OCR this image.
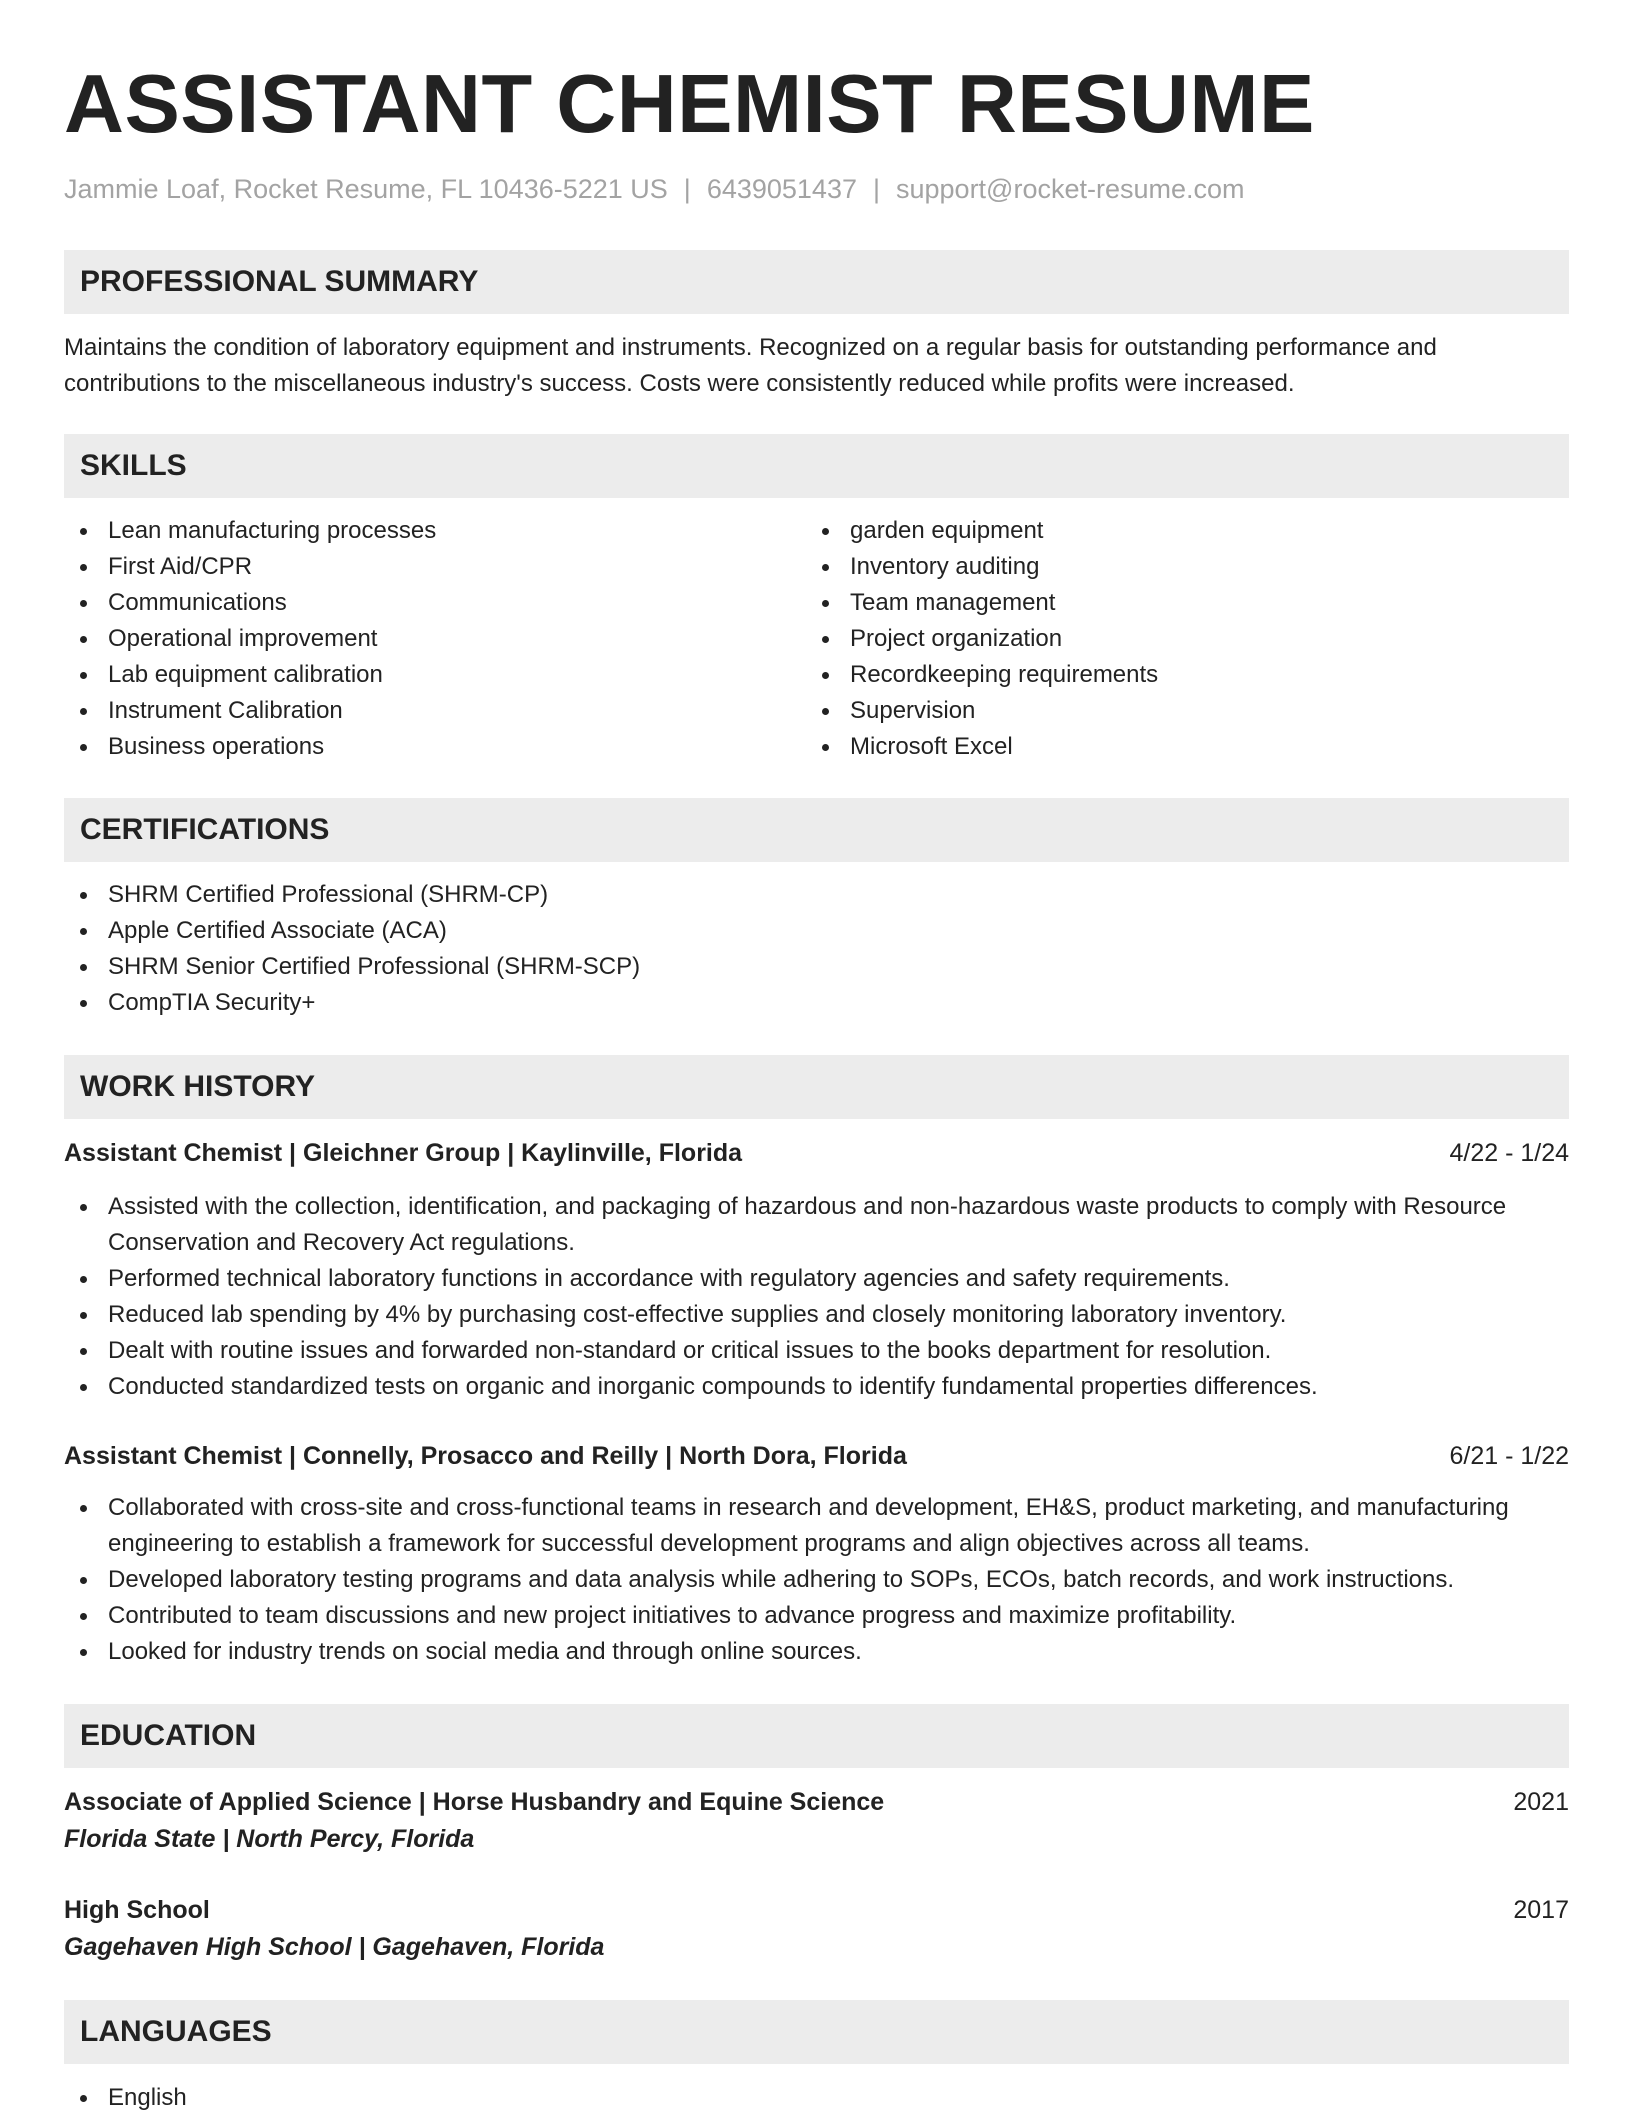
ASSISTANT CHEMIST RESUME
Jammie Loaf, Rocket Resume, FL 10436-5221 US | 6439051437 | support@rocket-resume.com
PROFESSIONAL SUMMARY

Maintains the condition of laboratory equipment and instruments. Recognized on a regular basis for outstanding performance and contributions to the miscellaneous industry's success. Costs were consistently reduced while profits were increased.

SKILLS
Lean manufacturing processes
First Aid/CPR
Communications
Operational improvement
Lab equipment calibration
Instrument Calibration
Business operations
garden equipment
Inventory auditing
Team management
Project organization
Recordkeeping requirements
Supervision
Microsoft Excel
CERTIFICATIONS
SHRM Certified Professional (SHRM-CP)
Apple Certified Associate (ACA)
SHRM Senior Certified Professional (SHRM-SCP)
CompTIA Security+
WORK HISTORY
Assistant Chemist | Gleichner Group | Kaylinville, Florida	4/22 - 1/24
Assisted with the collection, identification, and packaging of hazardous and non-hazardous waste products to comply with Resource Conservation and Recovery Act regulations.
Performed technical laboratory functions in accordance with regulatory agencies and safety requirements.
Reduced lab spending by 4% by purchasing cost-effective supplies and closely monitoring laboratory inventory.
Dealt with routine issues and forwarded non-standard or critical issues to the books department for resolution.
Conducted standardized tests on organic and inorganic compounds to identify fundamental properties differences.
Assistant Chemist | Connelly, Prosacco and Reilly | North Dora, Florida	6/21 - 1/22
Collaborated with cross-site and cross-functional teams in research and development, EH&S, product marketing, and manufacturing engineering to establish a framework for successful development programs and align objectives across all teams.
Developed laboratory testing programs and data analysis while adhering to SOPs, ECOs, batch records, and work instructions.
Contributed to team discussions and new project initiatives to advance progress and maximize profitability.
Looked for industry trends on social media and through online sources.
EDUCATION
Associate of Applied Science | Horse Husbandry and Equine Science	2021
Florida State | North Percy, Florida
High School	2017
Gagehaven High School | Gagehaven, Florida
LANGUAGES
English
